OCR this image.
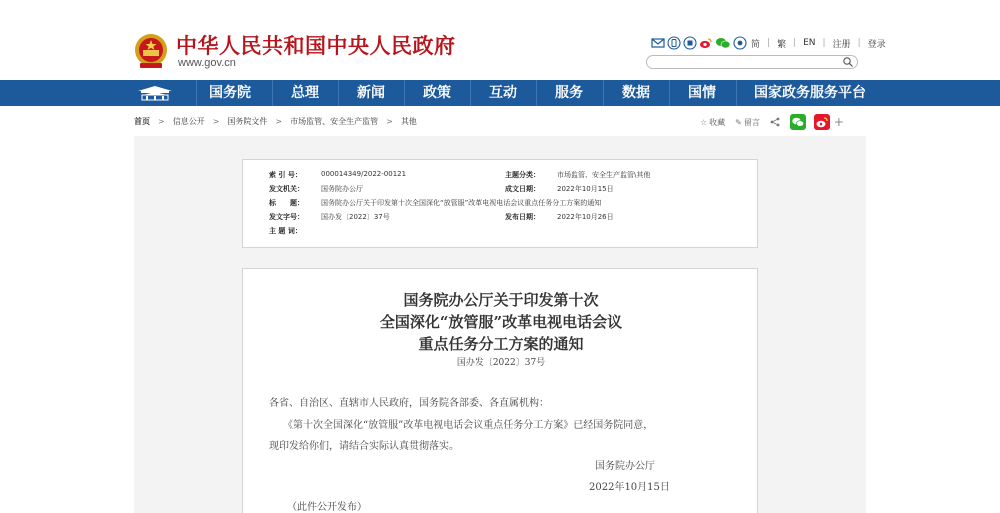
中华人民共和国中央人民政府
www.gov.cn
简 | 繁 | EN | 注册 | 登录
国务院	总理	新闻	政策	互动	服务	数据	国情	国家政务服务平台
首页 > 信息公开 > 国务院文件 > 市场监管、安全生产监管 > 其他	☆ 收藏 ✎ 留言	+
索 引 号：	000014349/2022-00121	主题分类： 市场监管、安全生产监管\其他
发文机关： 国务院办公厅	成文日期： 2022年10月15日
标　　题： 国务院办公厅关于印发第十次全国深化“放管服”改革电视电话会议重点任务分工方案的通知
发文字号： 国办发〔2022〕37号	发布日期： 2022年10月26日
主 题 词：
国务院办公厅关于印发第十次
全国深化“放管服”改革电视电话会议
重点任务分工方案的通知
国办发〔2022〕37号
各省、自治区、直辖市人民政府，国务院各部委、各直属机构：
《第十次全国深化“放管服”改革电视电话会议重点任务分工方案》已经国务院同意，
现印发给你们，请结合实际认真贯彻落实。
国务院办公厅
2022年10月15日
（此件公开发布）
